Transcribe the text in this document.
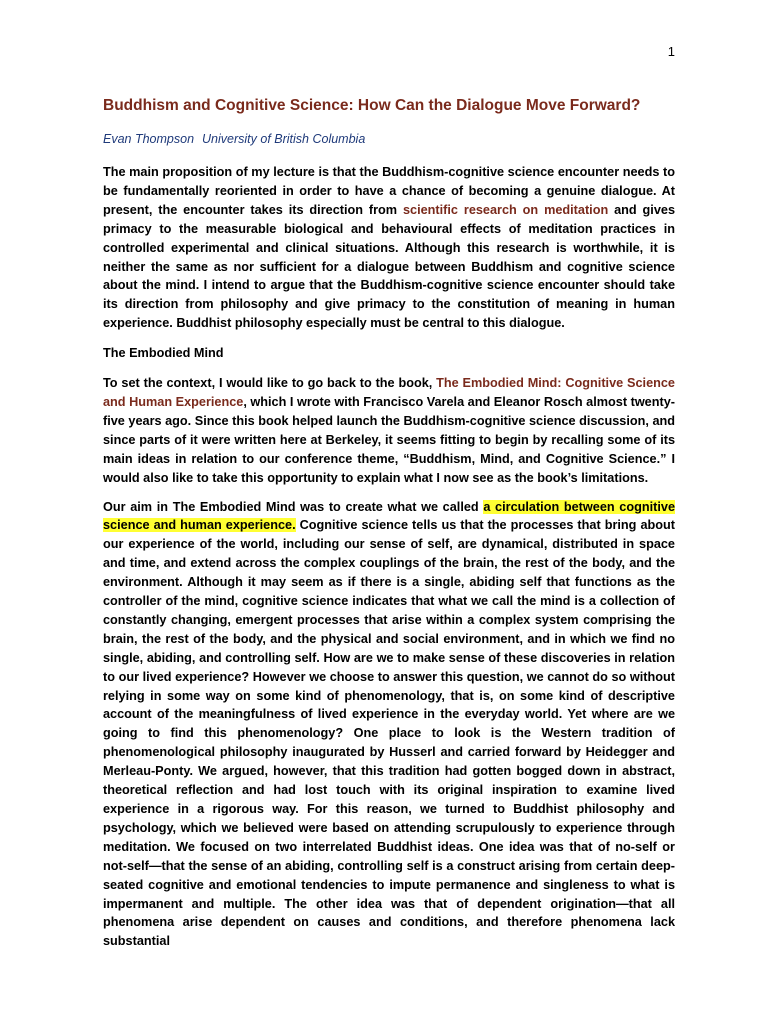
1
Buddhism and Cognitive Science: How Can the Dialogue Move Forward?
Evan Thompson University of British Columbia

The main proposition of my lecture is that the Buddhism-cognitive science encounter needs to be fundamentally reoriented in order to have a chance of becoming a genuine dialogue. At present, the encounter takes its direction from scientific research on meditation and gives primacy to the measurable biological and behavioural effects of meditation practices in controlled experimental and clinical situations. Although this research is worthwhile, it is neither the same as nor sufficient for a dialogue between Buddhism and cognitive science about the mind. I intend to argue that the Buddhism-cognitive science encounter should take its direction from philosophy and give primacy to the constitution of meaning in human experience. Buddhist philosophy especially must be central to this dialogue.

The Embodied Mind

To set the context, I would like to go back to the book, The Embodied Mind: Cognitive Science and Human Experience, which I wrote with Francisco Varela and Eleanor Rosch almost twenty-five years ago. Since this book helped launch the Buddhism-cognitive science discussion, and since parts of it were written here at Berkeley, it seems fitting to begin by recalling some of its main ideas in relation to our conference theme, “Buddhism, Mind, and Cognitive Science.” I would also like to take this opportunity to explain what I now see as the book’s limitations.

Our aim in The Embodied Mind was to create what we called a circulation between cognitive science and human experience. Cognitive science tells us that the processes that bring about our experience of the world, including our sense of self, are dynamical, distributed in space and time, and extend across the complex couplings of the brain, the rest of the body, and the environment. Although it may seem as if there is a single, abiding self that functions as the controller of the mind, cognitive science indicates that what we call the mind is a collection of constantly changing, emergent processes that arise within a complex system comprising the brain, the rest of the body, and the physical and social environment, and in which we find no single, abiding, and controlling self. How are we to make sense of these discoveries in relation to our lived experience? However we choose to answer this question, we cannot do so without relying in some way on some kind of phenomenology, that is, on some kind of descriptive account of the meaningfulness of lived experience in the everyday world. Yet where are we going to find this phenomenology? One place to look is the Western tradition of phenomenological philosophy inaugurated by Husserl and carried forward by Heidegger and Merleau-Ponty. We argued, however, that this tradition had gotten bogged down in abstract, theoretical reflection and had lost touch with its original inspiration to examine lived experience in a rigorous way. For this reason, we turned to Buddhist philosophy and psychology, which we believed were based on attending scrupulously to experience through meditation. We focused on two interrelated Buddhist ideas. One idea was that of no-self or not-self—that the sense of an abiding, controlling self is a construct arising from certain deep-seated cognitive and emotional tendencies to impute permanence and singleness to what is impermanent and multiple. The other idea was that of dependent origination—that all phenomena arise dependent on causes and conditions, and therefore phenomena lack substantial
